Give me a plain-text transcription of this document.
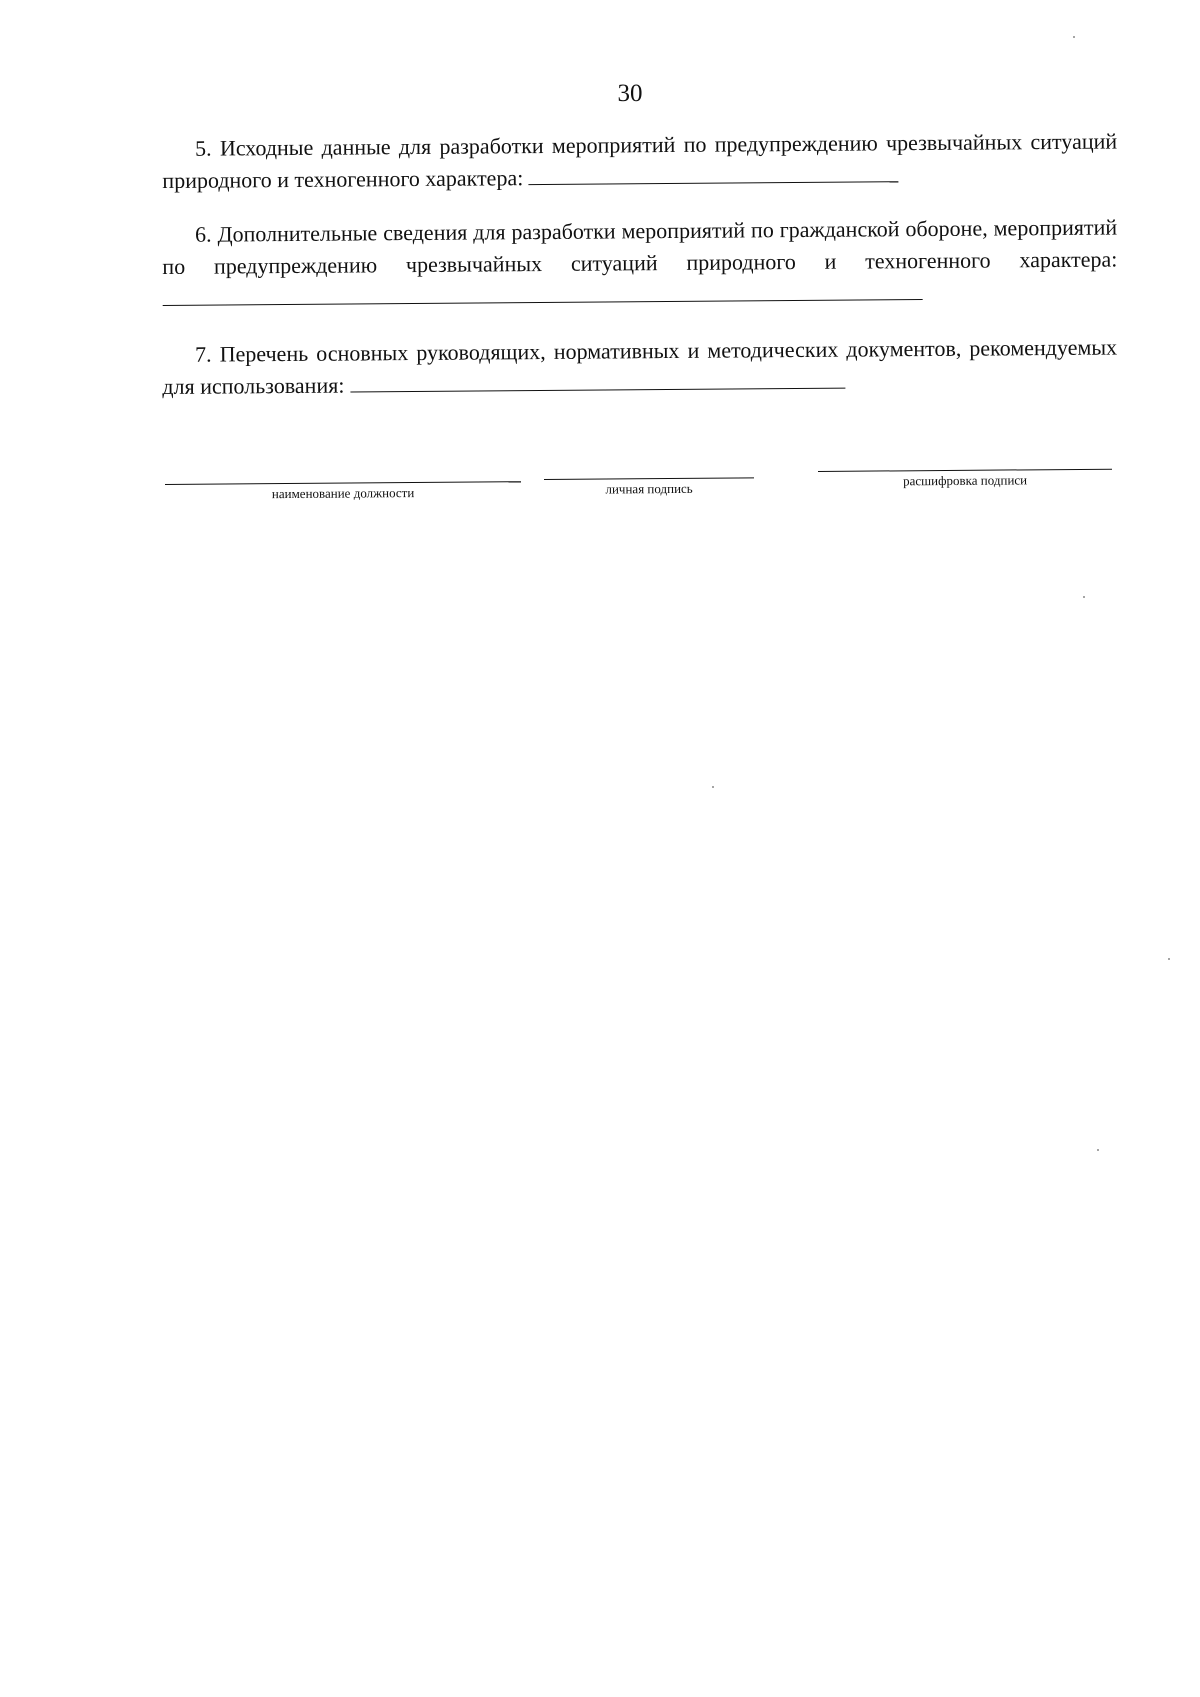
30
5. Исходные данные для разработки мероприятий по предупреждению чрезвычайных ситуаций природного и техногенного характера:
6. Дополнительные сведения для разработки мероприятий по гражданской обороне, мероприятий по предупреждению чрезвычайных ситуаций природного и техногенного характера:
7. Перечень основных руководящих, нормативных и методических документов, рекомендуемых для использования:
наименование должности	личная подпись
расшифровка подписи
